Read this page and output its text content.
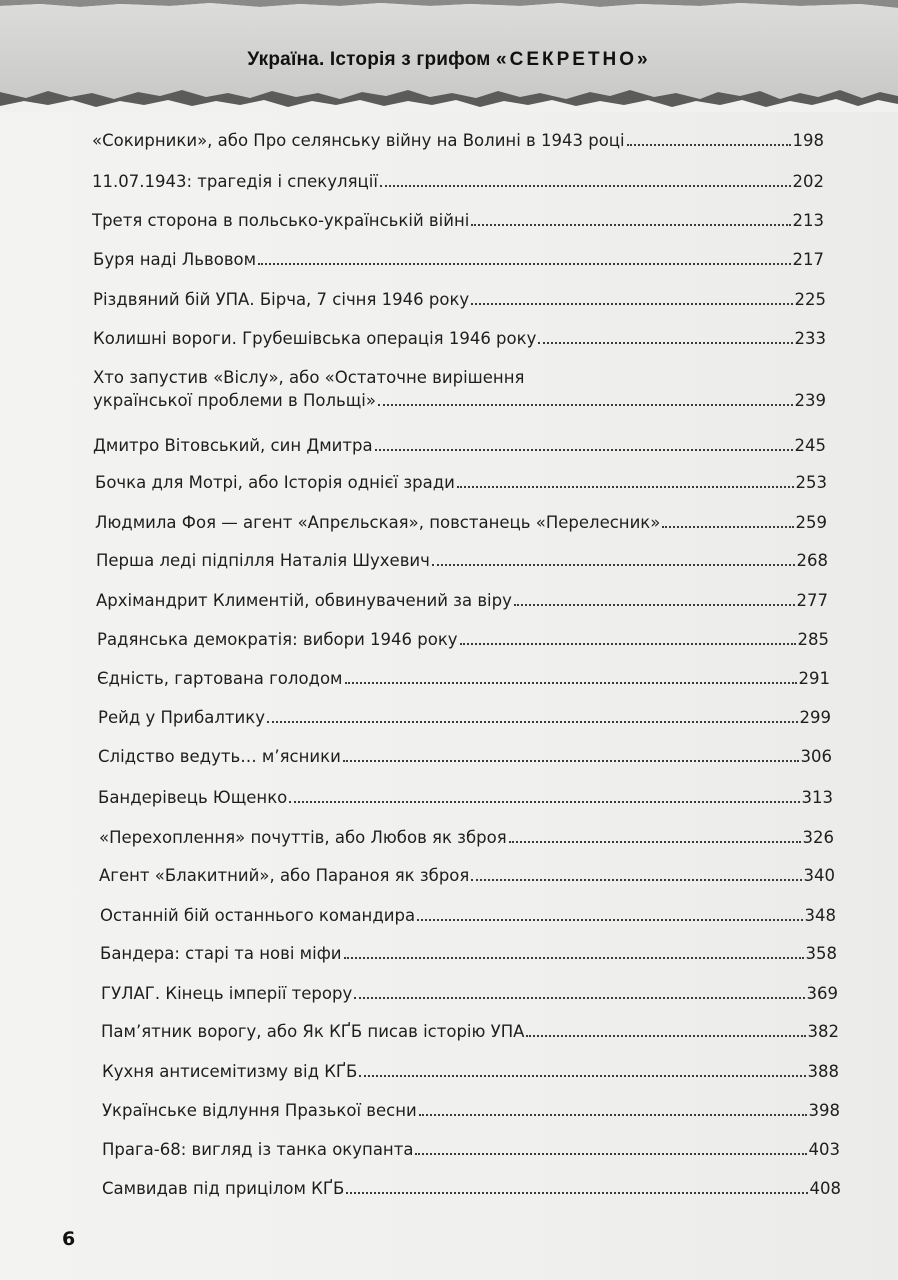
Україна. Історія з грифом «СЕКРЕТНО»
«Сокирники», або Про селянську війну на Волині в 1943 році	198
11.07.1943: трагедія і спекуляції	202
Третя сторона в польсько-українській війні	213
Буря наді Львовом	217
Різдвяний бій УПА. Бірча, 7 січня 1946 року	225
Колишні вороги. Грубешівська операція 1946 року	233
Хто запустив «Віслу», або «Остаточне вирішення
української проблеми в Польщі»	239
Дмитро Вітовський, син Дмитра	245
Бочка для Мотрі, або Історія однієї зради	253
Людмила Фоя — агент «Апрєльская», повстанець «Перелесник»	259
Перша леді підпілля Наталія Шухевич	268
Архімандрит Климентій, обвинувачений за віру	277
Радянська демократія: вибори 1946 року	285
Єдність, гартована голодом	291
Рейд у Прибалтику	299
Слідство ведуть… м’ясники	306
Бандерівець Ющенко	313
«Перехоплення» почуттів, або Любов як зброя	326
Агент «Блакитний», або Параноя як зброя	340
Останній бій останнього командира	348
Бандера: старі та нові міфи	358
ГУЛАГ. Кінець імперії терору	369
Пам’ятник ворогу, або Як КҐБ писав історію УПА	382
Кухня антисемітизму від КҐБ	388
Українське відлуння Празької весни	398
Прага-68: вигляд із танка окупанта	403
Самвидав під прицілом КҐБ	408
6
